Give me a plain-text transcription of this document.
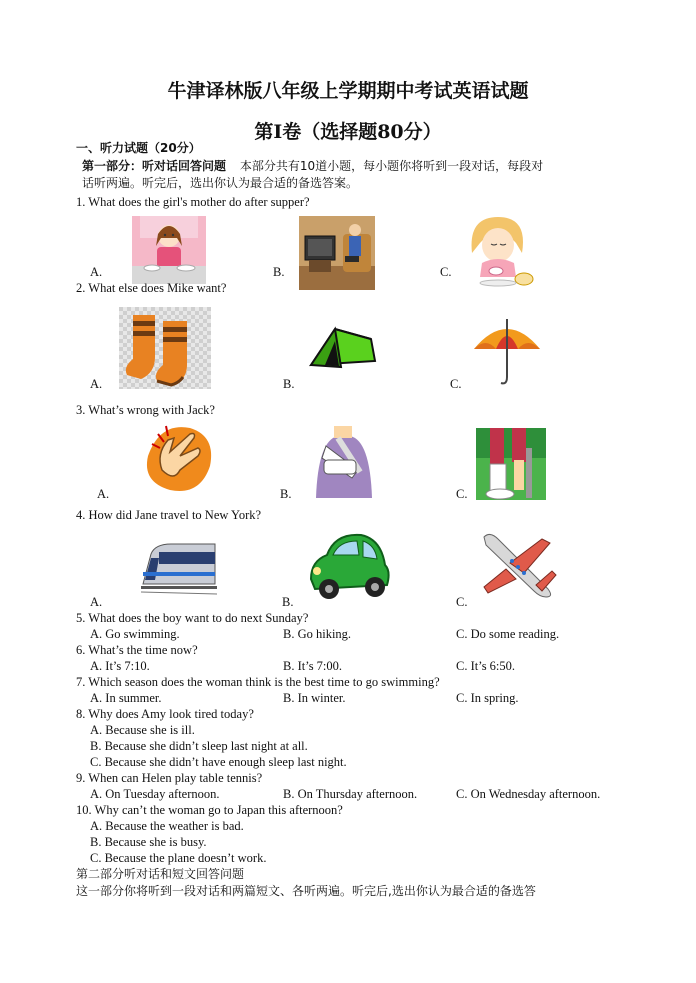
牛津译林版八年级上学期期中考试英语试题
第Ⅰ卷（选择题80分）
一、听力试题（20分）
第一部分：听对话回答问题 本部分共有10道小题，每小题你将听到一段对话，每段对
话听两遍。听完后，选出你认为最合适的备选答案。
1. What does the girl's mother do after supper?
A.	B.	C.
2. What else does Mike want?
A.	B.	C.
3. What’s wrong with Jack?
A.	B.	C.
4. How did Jane travel to New York?
A.	B.	C.
5. What does the boy want to do next Sunday?
A. Go swimming.	B. Go hiking.	C. Do some reading.
6. What’s the time now?
A. It’s 7:10.	B. It’s 7:00.	C. It’s 6:50.
7. Which season does the woman think is the best time to go swimming?
A. In summer.	B. In winter.	C. In spring.
8. Why does Amy look tired today?
A. Because she is ill.
B. Because she didn’t sleep last night at all.
C. Because she didn’t have enough sleep last night.
9. When can Helen play table tennis?
A. On Tuesday afternoon.	B. On Thursday afternoon.	C. On Wednesday afternoon.
10. Why can’t the woman go to Japan this afternoon?
A. Because the weather is bad.
B. Because she is busy.
C. Because the plane doesn’t work.
第二部分听对话和短文回答问题
这一部分你将听到一段对话和两篇短文、各听两遍。听完后,选出你认为最合适的备选答
